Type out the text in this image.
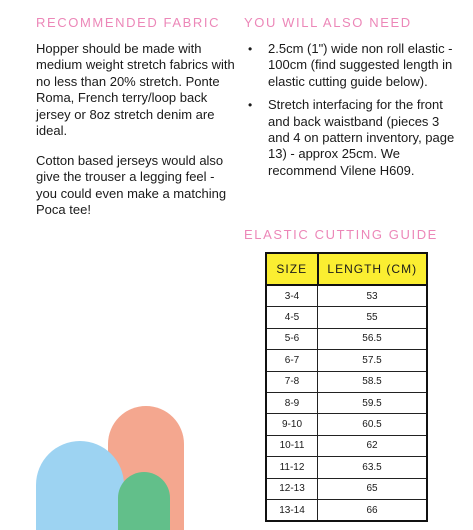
RECOMMENDED FABRIC

Hopper should be made with medium weight stretch fabrics with no less than 20% stretch. Ponte Roma, French terry/loop back jersey or 8oz stretch denim are ideal.

Cotton based jerseys would also give the trouser a legging feel - you could even make a matching Poca tee!

YOU WILL ALSO NEED
• 2.5cm (1") wide non roll elastic - 100cm (find suggested length in elastic cutting guide below).
• Stretch interfacing for the front and back waistband (pieces 3 and 4 on pattern inventory, page 13) - approx 25cm. We recommend Vilene H609.
ELASTIC CUTTING GUIDE
SIZE	LENGTH (CM)
3-4	53
4-5	55
5-6	56.5
6-7	57.5
7-8	58.5
8-9	59.5
9-10	60.5
10-11	62
11-12	63.5
12-13	65
13-14	66
